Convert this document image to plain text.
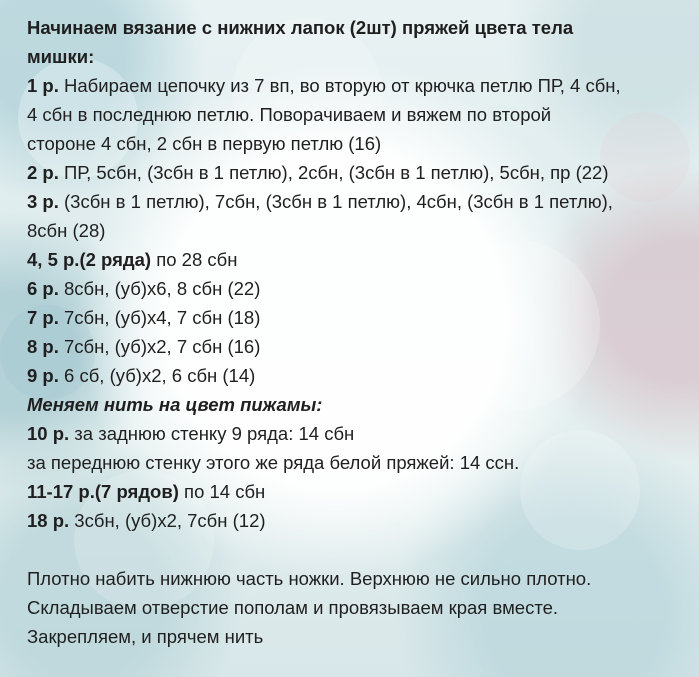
Начинаем вязание с нижних лапок (2шт) пряжей цвета тела
мишки:
1 р. Набираем цепочку из 7 вп, во вторую от крючка петлю ПР, 4 сбн,
4 сбн в последнюю петлю. Поворачиваем и вяжем по второй
стороне 4 сбн, 2 сбн в первую петлю (16)
2 р. ПР, 5сбн, (3сбн в 1 петлю), 2сбн, (3сбн в 1 петлю), 5сбн, пр (22)
3 р. (3сбн в 1 петлю), 7сбн, (3сбн в 1 петлю), 4сбн, (3сбн в 1 петлю),
8сбн (28)
4, 5 р.(2 ряда) по 28 сбн
6 р. 8сбн, (уб)х6, 8 сбн (22)
7 р. 7сбн, (уб)х4, 7 сбн (18)
8 р. 7сбн, (уб)х2, 7 сбн (16)
9 р. 6 сб, (уб)х2, 6 сбн (14)
Меняем нить на цвет пижамы:
10 р. за заднюю стенку 9 ряда: 14 сбн
за переднюю стенку этого же ряда белой пряжей: 14 ссн.
11-17 р.(7 рядов) по 14 сбн
18 р. 3сбн, (уб)х2, 7сбн (12)
Плотно набить нижнюю часть ножки. Верхнюю не сильно плотно.
Складываем отверстие пополам и провязываем края вместе.
Закрепляем, и прячем нить
